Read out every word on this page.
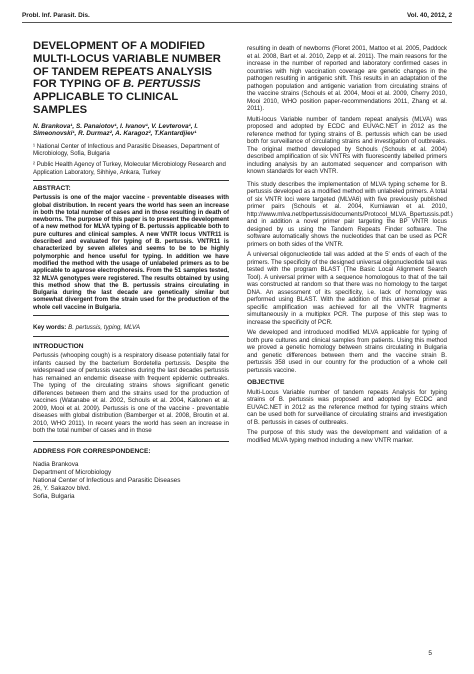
Probl. Inf. Parasit. Dis.	Vol. 40, 2012, 2
DEVELOPMENT OF A MODIFIED MULTI-LOCUS VARIABLE NUMBER OF TANDEM REPEATS ANALYSIS FOR TYPING OF B. PERTUSSIS APPLICABLE TO CLINICAL SAMPLES
N. Brankova¹, S. Panaiotov¹, I. Ivanov¹, V. Levterova¹, I. Simeonovski¹, R. Durmaz², A. Karagoz², T.Kantardjiev¹
¹ National Center of Infectious and Parasitic Diseases, Department of Microbiology, Sofia, Bulgaria
² Public Health Agency of Turkey, Molecular Microbiology Research and Application Laboratory, Sihhiye, Ankara, Turkey
ABSTRACT:
Pertussis is one of the major vaccine - preventable diseases with global distribution. In recent years the world has seen an increase in both the total number of cases and in those resulting in death of newborns. The purpose of this paper is to present the development of a new method for MLVA typing of B. pertussis applicable both to pure cultures and clinical samples. A new VNTR locus VNTR11 is described and evaluated for typing of B. pertussis. VNTR11 is characterized by seven alleles and seems to be to be highly polymorphic and hence useful for typing. In addition we have modified the method with the usage of unlabeled primers as to be applicable to agarose electrophoresis. From the 51 samples tested, 32 MLVA genotypes were registered. The results obtained by using this method show that the B. pertussis strains circulating in Bulgaria during the last decade are genetically similar but somewhat divergent from the strain used for the production of the whole cell vaccine in Bulgaria.
Key words: B. pertussis, typing, MLVA
INTRODUCTION

Pertussis (whooping cough) is a respiratory disease potentially fatal for infants caused by the bacterium Bordetella pertussis. Despite the widespread use of pertussis vaccines during the last decades pertussis has remained an endemic disease with frequent epidemic outbreaks. The typing of the circulating strains shows significant genetic differences between them and the strains used for the production of vaccines (Watanabe et al. 2002, Schouls et al. 2004, Kallonen et al. 2009, Mooi et al. 2009). Pertussis is one of the vaccine - preventable diseases with global distribution (Bamberger et al. 2008, Broutin et al. 2010, WHO 2011). In recent years the world has seen an increase in both the total number of cases and in those

ADDRESS FOR CORRESPONDENCE:
Nadia Brankova
Department of Microbiology
National Center of Infectious and Parasitic Diseases
26, Y. Sakazov blvd.
Sofia, Bulgaria

resulting in death of newborns (Floret 2001, Mattoo et al. 2005, Paddock et al. 2008, Bart et al. 2010, Zepp et al. 2011). The main reasons for the increase in the number of reported and laboratory confirmed cases in countries with high vaccination coverage are genetic changes in the pathogen resulting in antigenic shift. This results in an adaptation of the pathogen population and antigenic variation from circulating strains of the vaccine strains (Schouls et al. 2004, Mooi et al. 2009, Cherry 2010, Mooi 2010, WHO position paper-recommendations 2011, Zhang et al. 2011).

Multi-locus Variable number of tandem repeat analysis (MLVA) was proposed and adopted by ECDC and EUVAC.NET in 2012 as the reference method for typing strains of B. pertussis which can be used both for surveillance of circulating strains and investigation of outbreaks. The original method developed by Schouls (Schouls et al. 2004) described amplification of six VNTRs with fluorescently labelled primers including analysis by an automated sequencer and comparison with known standards for each VNTR.

This study describes the implementation of MLVA typing scheme for B. pertussis developed as a modified method with unlabeled primers. A total of six VNTR loci were targeted (MLVA6) with five previously published primer pairs (Schouls et al. 2004, Kurniawan et al. 2010, http://www.mlva.net/bpertussis/documents/Protocol_MLVA_Bpertussis.pdf.) and in addition a novel primer pair targeting the BP VNTR locus designed by us using the Tandem Repeats Finder software. The software automatically shows the nucleotides that can be used as PCR primers on both sides of the VNTR.

A universal oligonucleotide tail was added at the 5' ends of each of the primers. The specificity of the designed universal oligonucleotide tail was tested with the program BLAST (The Basic Local Alignment Search Tool). A universal primer with a sequence homologous to that of the tail was constructed at random so that there was no homology to the target DNA. An assessment of its specificity, i.e. lack of homology was performed using BLAST. With the addition of this universal primer a specific amplification was achieved for all the VNTR fragments simultaneously in a multiplex PCR. The purpose of this step was to increase the specificity of PCR.

We developed and introduced modified MLVA applicable for typing of both pure cultures and clinical samples from patients. Using this method we proved a genetic homology between strains circulating in Bulgaria and genetic differences between them and the vaccine strain B. pertussis 358 used in our country for the production of a whole cell pertussis vaccine.

OBJECTIVE

Multi-Locus Variable number of tandem repeats Analysis for typing strains of B. pertussis was proposed and adopted by ECDC and EUVAC.NET in 2012 as the reference method for typing strains which can be used both for surveillance of circulating strains and investigation of B. pertussis in cases of outbreaks.

The purpose of this study was the development and validation of a modified MLVA typing method including a new VNTR marker.

5
